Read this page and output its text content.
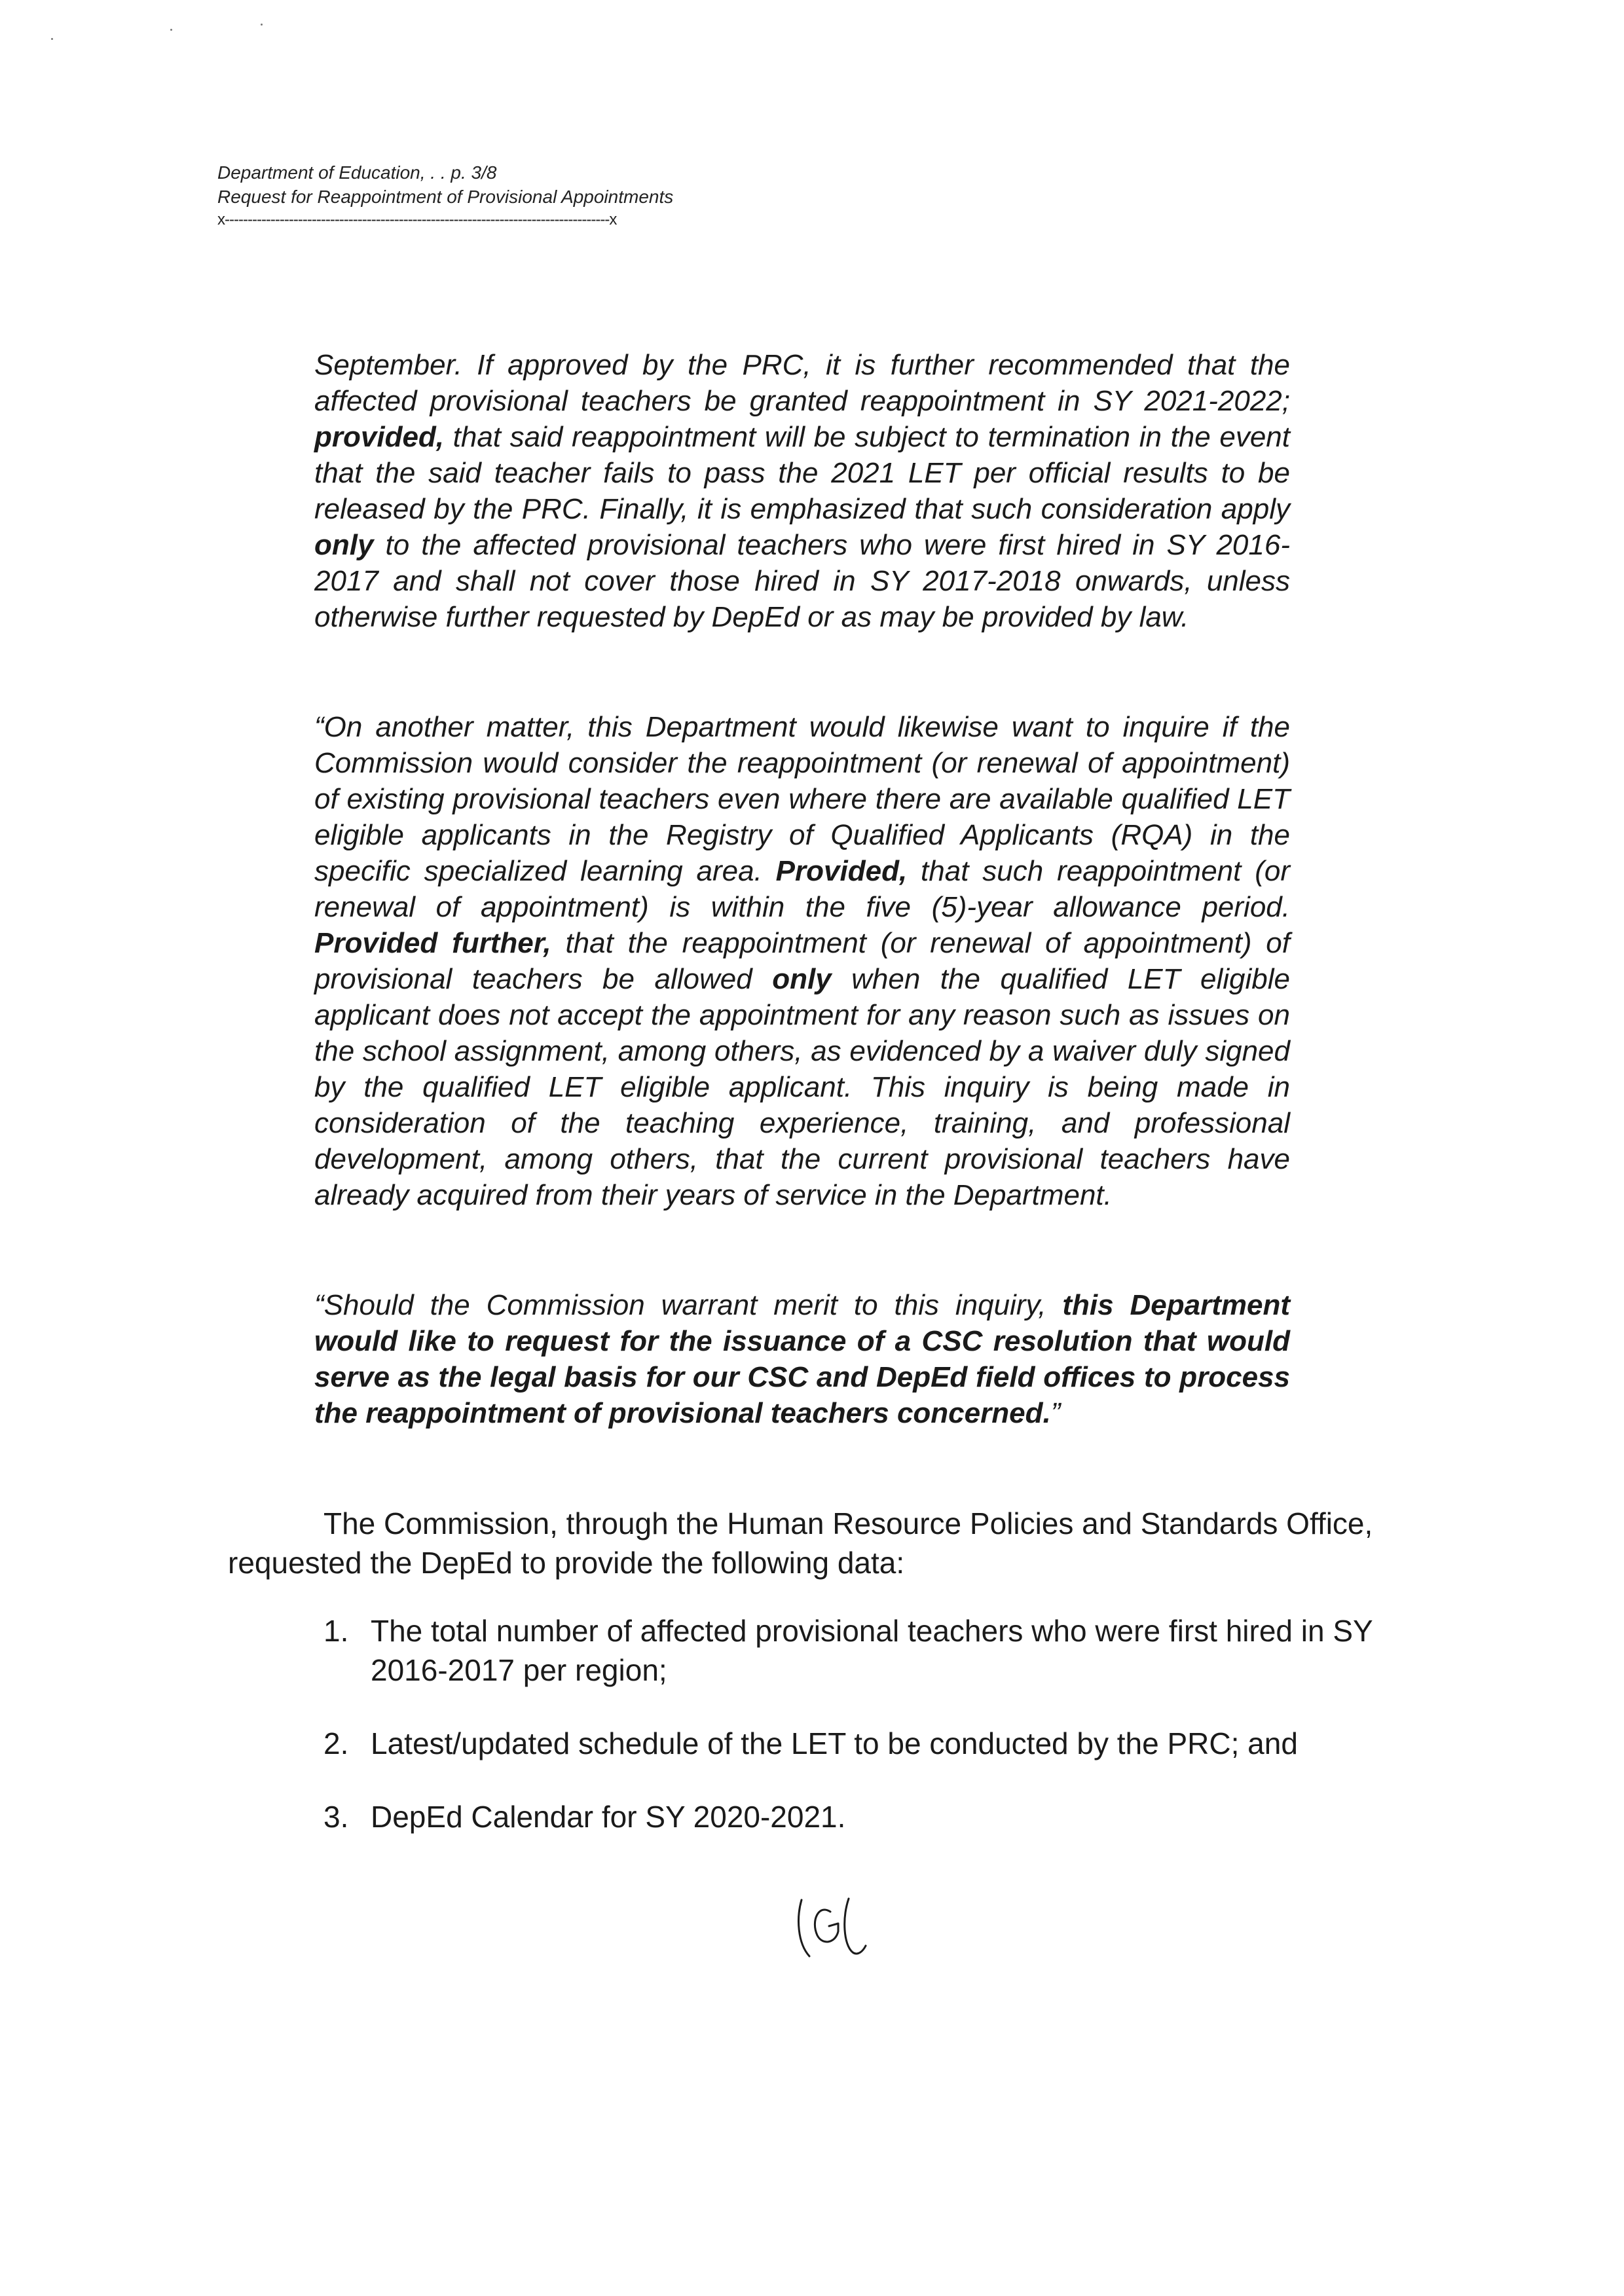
Department of Education, . . p. 3/8
Request for Reappointment of Provisional Appointments
x------------------------------------------------------------------------------------x
September. If approved by the PRC, it is further recommended that the affected provisional teachers be granted reappointment in SY 2021-2022; provided, that said reappointment will be subject to termination in the event that the said teacher fails to pass the 2021 LET per official results to be released by the PRC. Finally, it is emphasized that such consideration apply only to the affected provisional teachers who were first hired in SY 2016-2017 and shall not cover those hired in SY 2017-2018 onwards, unless otherwise further requested by DepEd or as may be provided by law.
“On another matter, this Department would likewise want to inquire if the Commission would consider the reappointment (or renewal of appointment) of existing provisional teachers even where there are available qualified LET eligible applicants in the Registry of Qualified Applicants (RQA) in the specific specialized learning area. Provided, that such reappointment (or renewal of appointment) is within the five (5)-year allowance period. Provided further, that the reappointment (or renewal of appointment) of provisional teachers be allowed only when the qualified LET eligible applicant does not accept the appointment for any reason such as issues on the school assignment, among others, as evidenced by a waiver duly signed by the qualified LET eligible applicant. This inquiry is being made in consideration of the teaching experience, training, and professional development, among others, that the current provisional teachers have already acquired from their years of service in the Department.
“Should the Commission warrant merit to this inquiry, this Department would like to request for the issuance of a CSC resolution that would serve as the legal basis for our CSC and DepEd field offices to process the reappointment of provisional teachers concerned.”
The Commission, through the Human Resource Policies and Standards Office, requested the DepEd to provide the following data:
1. The total number of affected provisional teachers who were first hired in SY 2016-2017 per region;
2. Latest/updated schedule of the LET to be conducted by the PRC; and
3. DepEd Calendar for SY 2020-2021.
